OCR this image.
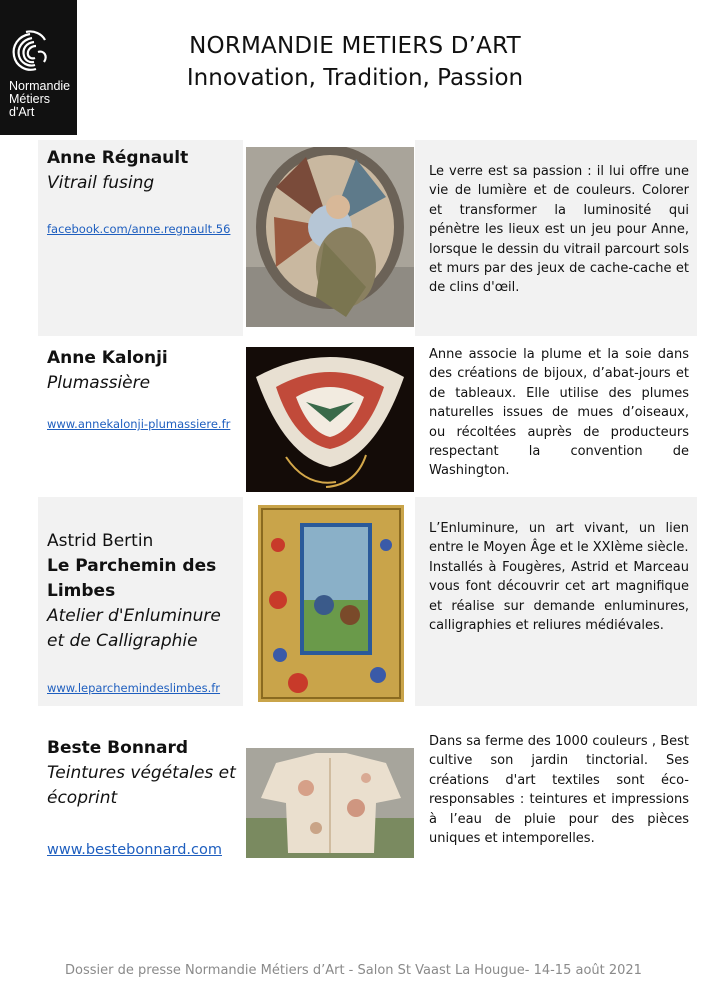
Normandie
Métiers
d'Art
NORMANDIE METIERS D’ART
Innovation, Tradition, Passion

Anne Régnault

Vitrail fusing

facebook.com/anne.regnault.56
Le verre est sa passion : il lui offre une vie de lumière et de couleurs. Colorer et transformer la luminosité qui pénètre les lieux est un jeu pour Anne, lorsque le dessin du vitrail parcourt sols et murs par des jeux de cache-cache et de clins d'œil.

Anne Kalonji

Plumassière

www.annekalonji-plumassiere.fr
Anne associe la plume et la soie dans des créations de bijoux, d’abat-jours et de tableaux. Elle utilise des plumes naturelles issues de mues d’oiseaux, ou récoltées auprès de producteurs respectant la convention de Washington.

Astrid Bertin

Le Parchemin des Limbes

Atelier d'Enluminure et de Calligraphie

www.leparchemindeslimbes.fr
L’Enluminure, un art vivant, un lien entre le Moyen Âge et le XXIème siècle.
Installés à Fougères, Astrid et Marceau vous font découvrir cet art magnifique et réalise sur demande enluminures, calligraphies et reliures médiévales.

Beste Bonnard

Teintures végétales et écoprint

www.bestebonnard.com
Dans sa ferme des 1000 couleurs , Best cultive son jardin tinctorial. Ses créations d'art textiles sont éco-responsables : teintures et impressions à l’eau de pluie pour des pièces uniques et intemporelles.
Dossier de presse Normandie Métiers d’Art - Salon St Vaast La Hougue- 14-15 août 2021
